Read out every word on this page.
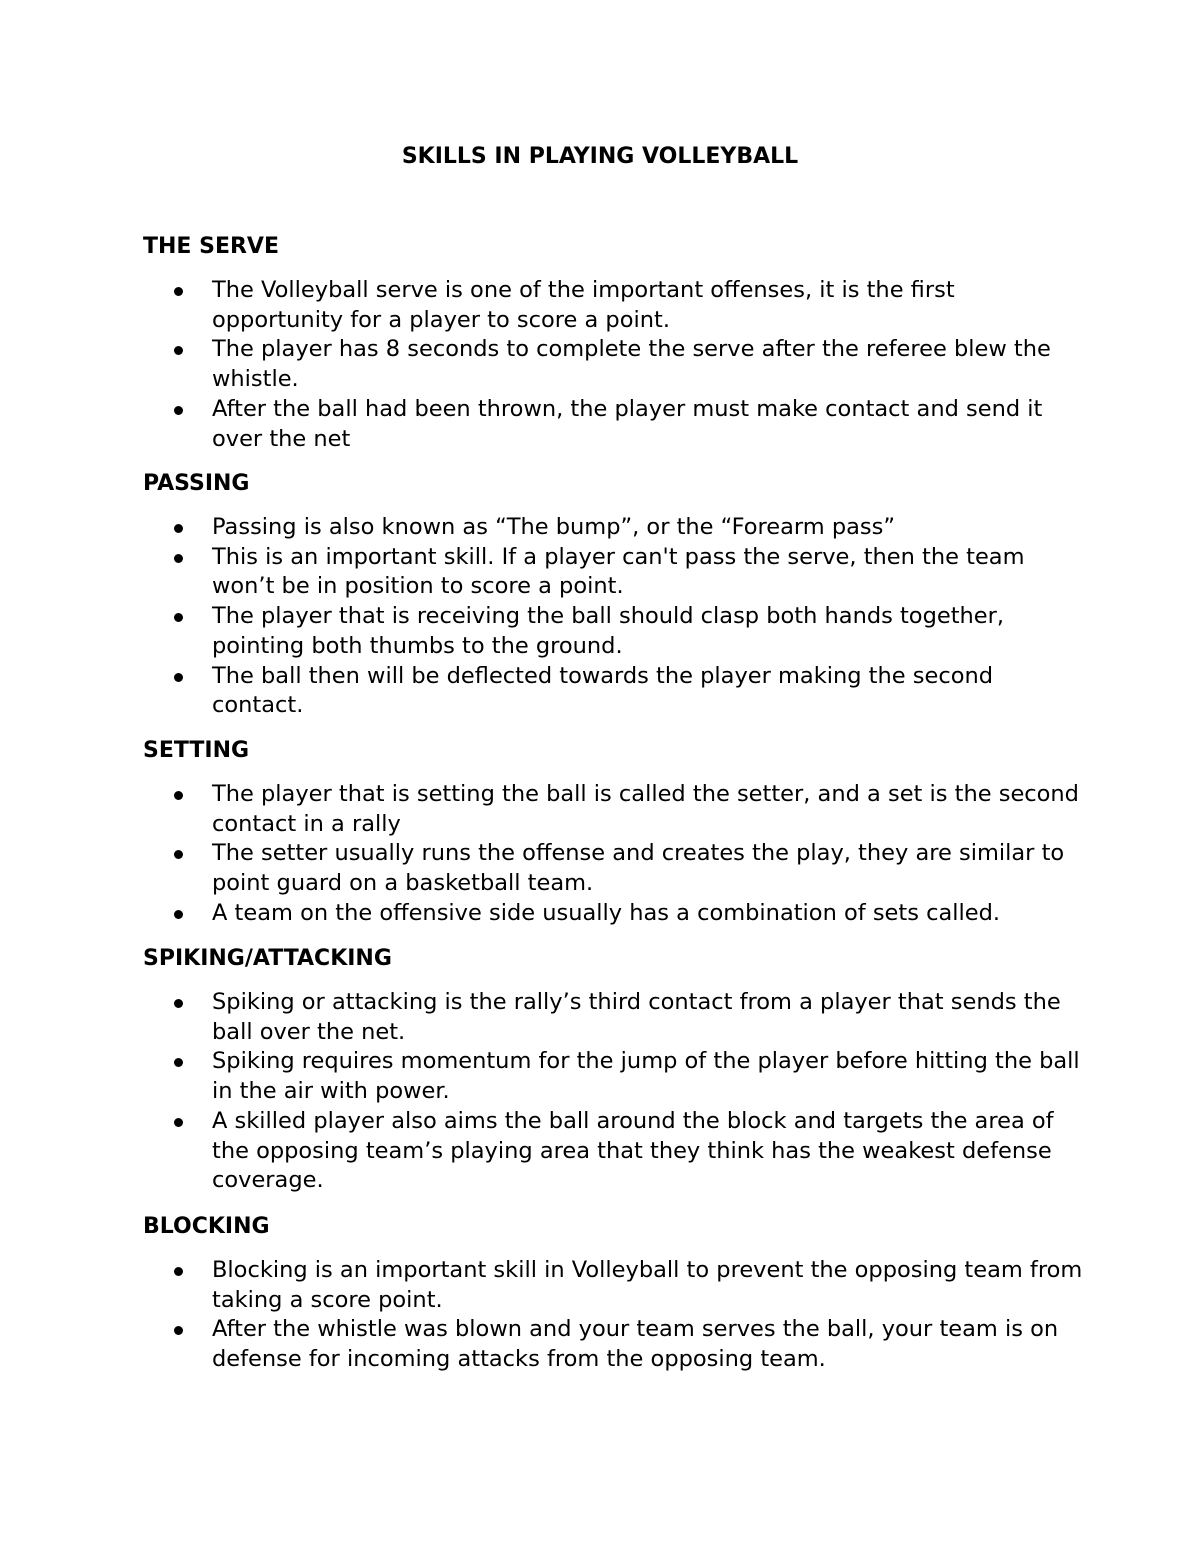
SKILLS IN PLAYING VOLLEYBALL
THE SERVE
The Volleyball serve is one of the important offenses, it is the first opportunity for a player to score a point.
The player has 8 seconds to complete the serve after the referee blew the whistle.
After the ball had been thrown, the player must make contact and send it over the net
PASSING
Passing is also known as “The bump”, or the “Forearm pass”
This is an important skill. If a player can't pass the serve, then the team won’t be in position to score a point.
The player that is receiving the ball should clasp both hands together, pointing both thumbs to the ground.
The ball then will be deflected towards the player making the second contact.
SETTING
The player that is setting the ball is called the setter, and a set is the second contact in a rally
The setter usually runs the offense and creates the play, they are similar to point guard on a basketball team.
A team on the offensive side usually has a combination of sets called.
SPIKING/ATTACKING
Spiking or attacking is the rally’s third contact from a player that sends the ball over the net.
Spiking requires momentum for the jump of the player before hitting the ball in the air with power.
A skilled player also aims the ball around the block and targets the area of the opposing team’s playing area that they think has the weakest defense coverage.
BLOCKING
Blocking is an important skill in Volleyball to prevent the opposing team from taking a score point.
After the whistle was blown and your team serves the ball, your team is on defense for incoming attacks from the opposing team.
